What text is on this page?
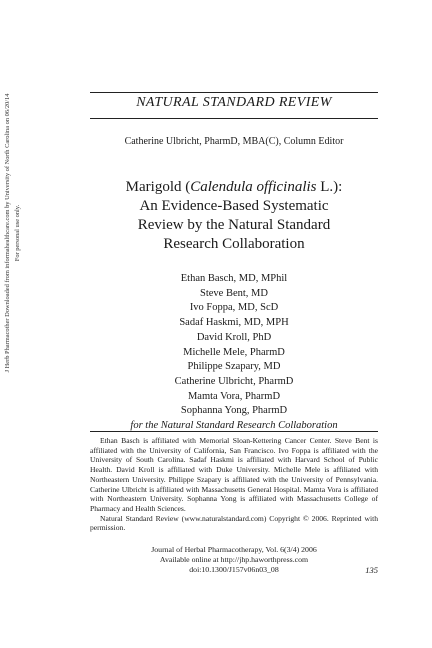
J Herb Pharmacother Downloaded from informahealthcare.com by University of North Carolina on 06/20/14 For personal use only.
NATURAL STANDARD REVIEW
Catherine Ulbricht, PharmD, MBA(C), Column Editor
Marigold (Calendula officinalis L.):
An Evidence-Based Systematic
Review by the Natural Standard
Research Collaboration
Ethan Basch, MD, MPhil
Steve Bent, MD
Ivo Foppa, MD, ScD
Sadaf Haskmi, MD, MPH
David Kroll, PhD
Michelle Mele, PharmD
Philippe Szapary, MD
Catherine Ulbricht, PharmD
Mamta Vora, PharmD
Sophanna Yong, PharmD
for the Natural Standard Research Collaboration

Ethan Basch is affiliated with Memorial Sloan-Kettering Cancer Center. Steve Bent is affiliated with the University of California, San Francisco. Ivo Foppa is affiliated with the University of South Carolina. Sadaf Haskmi is affiliated with Harvard School of Public Health. David Kroll is affiliated with Duke University. Michelle Mele is affiliated with Northeastern University. Philippe Szapary is affiliated with the University of Pennsylvania. Catherine Ulbricht is affiliated with Massachusetts General Hospital. Mamta Vora is affiliated with Northeastern University. Sophanna Yong is affiliated with Massachusetts College of Pharmacy and Health Sciences.

Natural Standard Review (www.naturalstandard.com) Copyright © 2006. Reprinted with permission.

Journal of Herbal Pharmacotherapy, Vol. 6(3/4) 2006
Available online at http://jhp.haworthpress.com
doi:10.1300/J157v06n03_08	135
